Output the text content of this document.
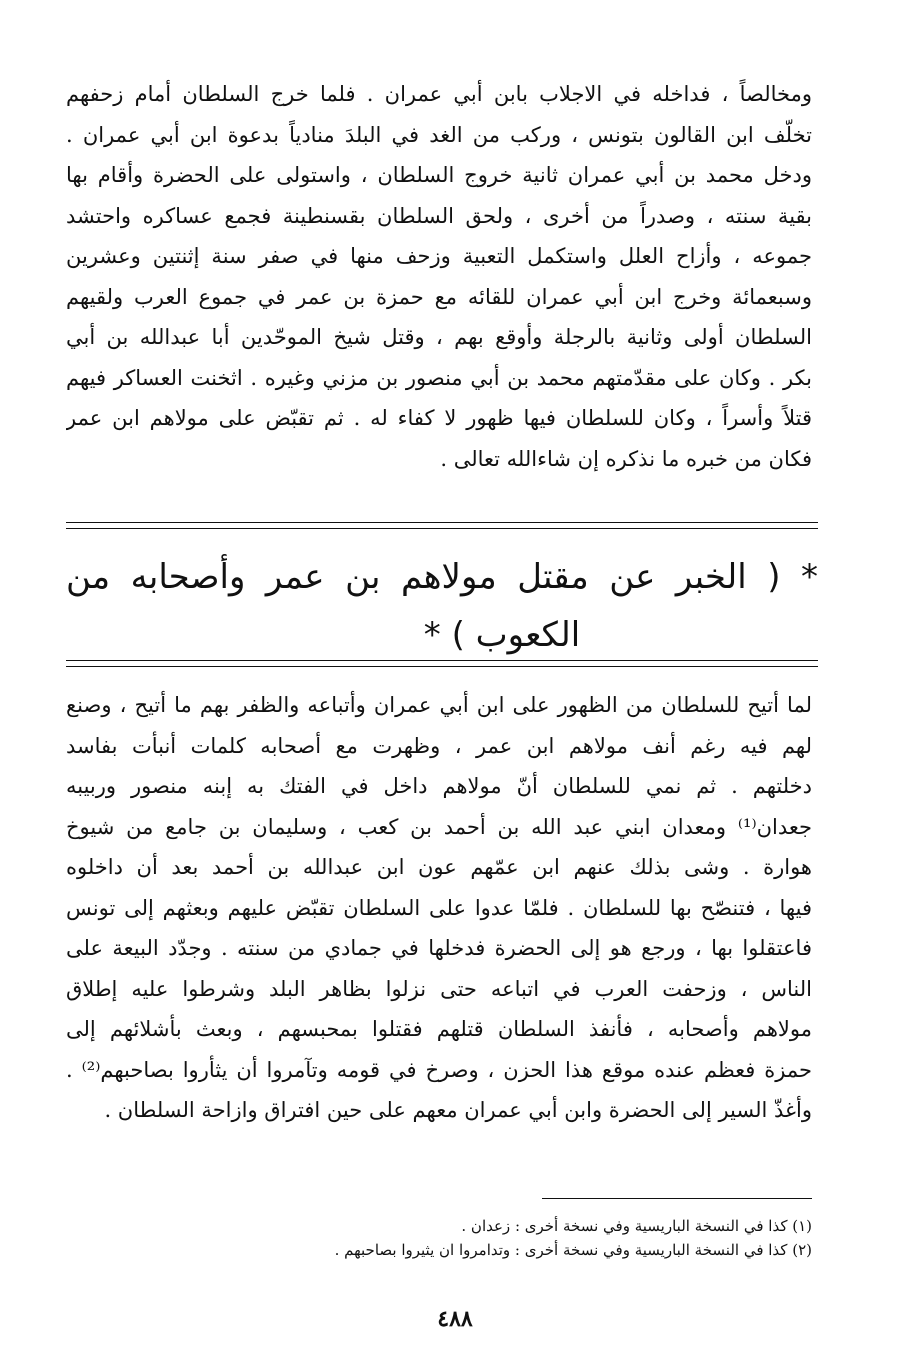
ومخالصاً ، فداخله في الاجلاب بابن أبي عمران . فلما خرج السلطان أمام زحفهم
تخلّف ابن القالون بتونس ، وركب من الغد في البلدَ منادياً بدعوة ابن أبي عمران .
ودخل محمد بن أبي عمران ثانية خروج السلطان ، واستولى على الحضرة وأقام بها
بقية سنته ، وصدراً من أخرى ، ولحق السلطان بقسنطينة فجمع عساكره واحتشد
جموعه ، وأزاح العلل واستكمل التعبية وزحف منها في صفر سنة إثنتين وعشرين
وسبعمائة وخرج ابن أبي عمران للقائه مع حمزة بن عمر في جموع العرب ولقيهم
السلطان أولى وثانية بالرجلة وأوقع بهم ، وقتل شيخ الموحّدين أبا عبدالله بن أبي
بكر . وكان على مقدّمتهم محمد بن أبي منصور بن مزني وغيره . اثخنت العساكر فيهم
قتلاً وأسراً ، وكان للسلطان فيها ظهور لا كفاء له . ثم تقبّض على مولاهم ابن عمر
فكان من خبره ما نذكره إن شاءالله تعالى .
* ( الخبر عن مقتل مولاهم بن عمر وأصحابه من
الكعوب ) *
لما أتيح للسلطان من الظهور على ابن أبي عمران وأتباعه والظفر بهم ما أتيح ، وصنع
لهم فيه رغم أنف مولاهم ابن عمر ، وظهرت مع أصحابه كلمات أنبأت بفاسد
دخلتهم . ثم نمي للسلطان أنّ مولاهم داخل في الفتك به إبنه منصور وربيبه
جعدان⁽¹⁾ ومعدان ابني عبد الله بن أحمد بن كعب ، وسليمان بن جامع من شيوخ
هوارة . وشى بذلك عنهم ابن عمّهم عون ابن عبدالله بن أحمد بعد أن داخلوه
فيها ، فتنصّح بها للسلطان . فلمّا عدوا على السلطان تقبّض عليهم وبعثهم إلى تونس
فاعتقلوا بها ، ورجع هو إلى الحضرة فدخلها في جمادي من سنته . وجدّد البيعة على
الناس ، وزحفت العرب في اتباعه حتى نزلوا بظاهر البلد وشرطوا عليه إطلاق
مولاهم وأصحابه ، فأنفذ السلطان قتلهم فقتلوا بمحبسهم ، وبعث بأشلائهم إلى
حمزة فعظم عنده موقع هذا الحزن ، وصرخ في قومه وتآمروا أن يثأروا بصاحبهم⁽²⁾ .
وأغذّ السير إلى الحضرة وابن أبي عمران معهم على حين افتراق وازاحة السلطان .
(١) كذا في النسخة الباريسية وفي نسخة أخرى : زعدان .
(٢) كذا في النسخة الباريسية وفي نسخة أخرى : وتدامروا ان يثيروا بصاحبهم .
٤٨٨
